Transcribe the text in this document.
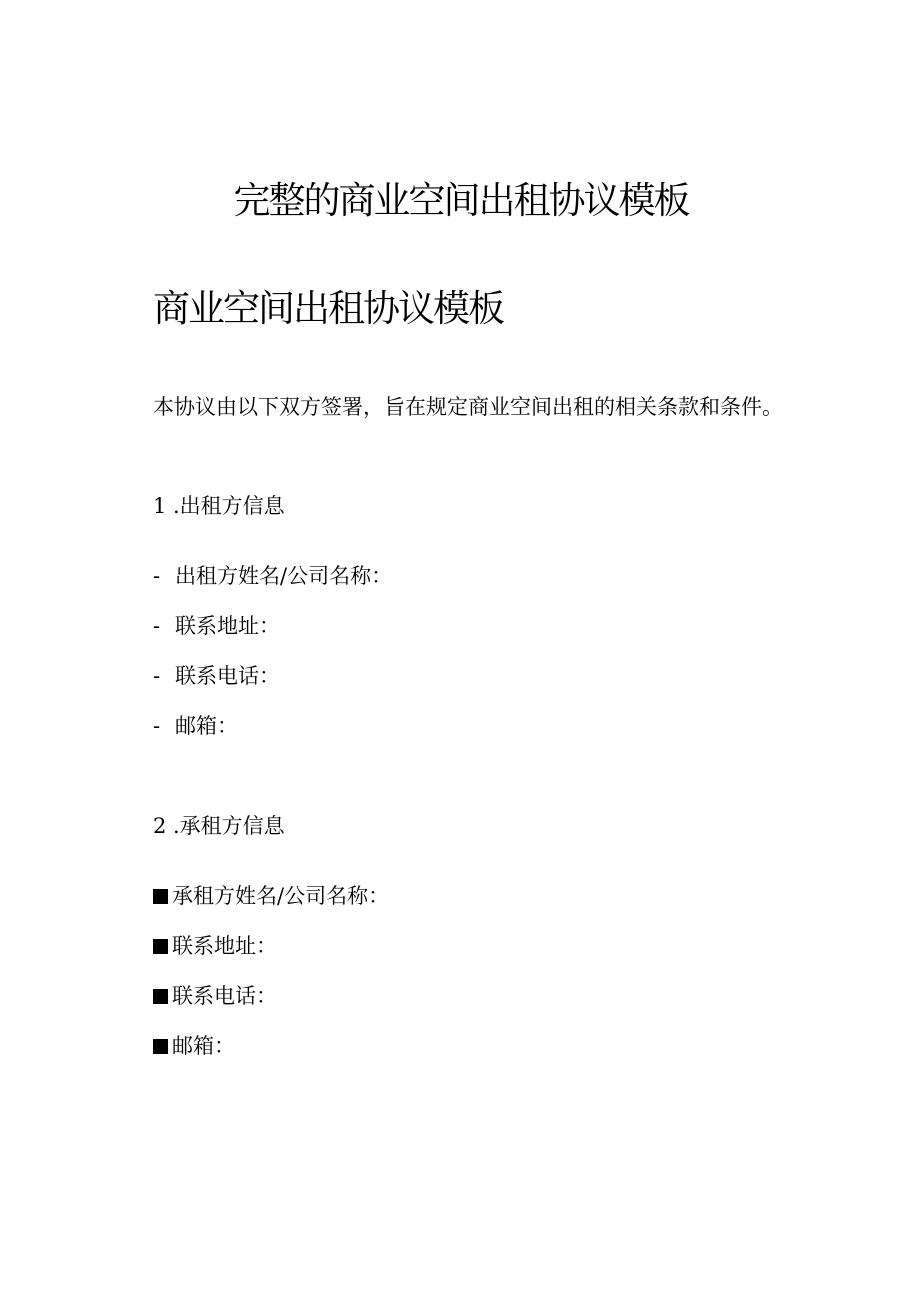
完整的商业空间出租协议模板
商业空间出租协议模板

本协议由以下双方签署，旨在规定商业空间出租的相关条款和条件。

1 .出租方信息
- 出租方姓名/公司名称：
- 联系地址：
- 联系电话：
- 邮箱：
2 .承租方信息
承租方姓名/公司名称：
联系地址：
联系电话：
邮箱：
